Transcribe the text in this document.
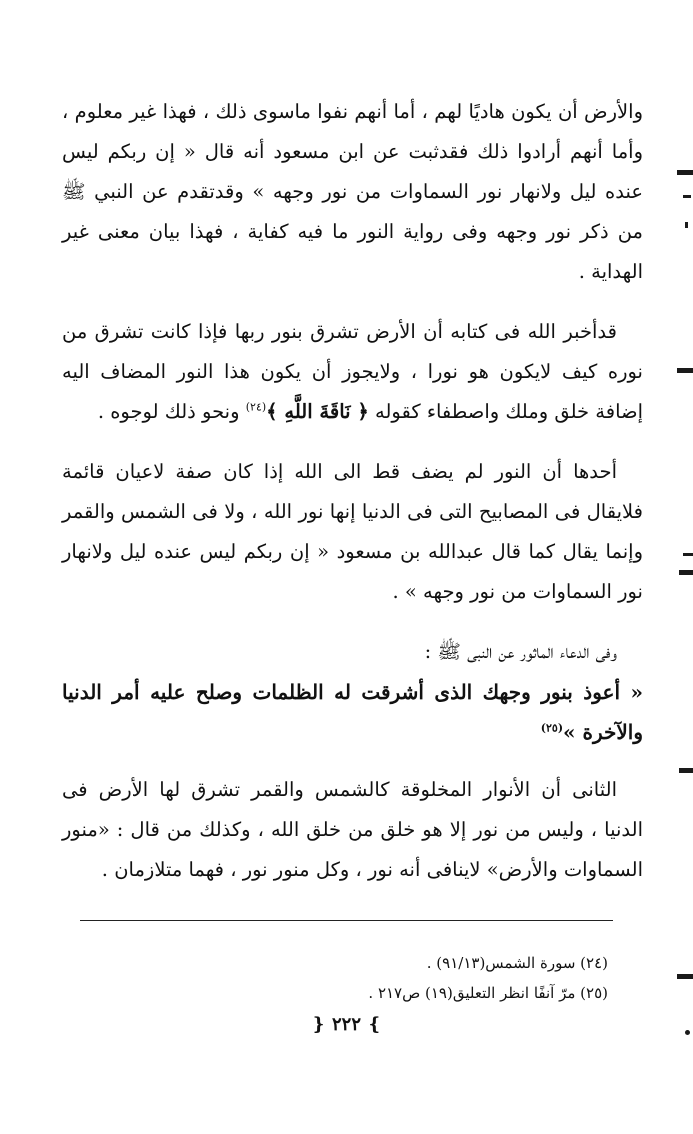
والأرض أن يكون هاديًا لهم ، أما أنهم نفوا ماسوى ذلك ، فهذا غير معلوم ، وأما أنهم أرادوا ذلك فقدثبت عن ابن مسعود أنه قال « إن ربكم ليس عنده ليل ولانهار نور السماوات من نور وجهه » وقدتقدم عن النبي ﷺ من ذكر نور وجهه وفى رواية النور ما فيه كفاية ، فهذا بيان معنى غير الهداية .

قدأخبر الله فى كتابه أن الأرض تشرق بنور ربها فإذا كانت تشرق من نوره كيف لايكون هو نورا ، ولايجوز أن يكون هذا النور المضاف اليه إضافة خلق وملك واصطفاء كقوله ﴿ نَاقَةَ اللَّهِ ﴾$^{(٢٤)}$ ونحو ذلك لوجوه .

أحدها أن النور لم يضف قط الى الله إذا كان صفة لاعيان قائمة فلايقال فى المصابيح التى فى الدنيا إنها نور الله ، ولا فى الشمس والقمر وإنما يقال كما قال عبدالله بن مسعود « إن ربكم ليس عنده ليل ولانهار نور السماوات من نور وجهه » .

وفى الدعاء الماثور عن النبى ﷺ :

« أعوذ بنور وجهك الذى أشرقت له الظلمات وصلح عليه أمر الدنيا والآخرة »$^{(٢٥)}$

الثانى أن الأنوار المخلوقة كالشمس والقمر تشرق لها الأرض فى الدنيا ، وليس من نور إلا هو خلق من خلق الله ، وكذلك من قال : «منور السماوات والأرض» لاينافى أنه نور ، وكل منور نور ، فهما متلازمان .

(٢٤) سورة الشمس(٩١/١٣) .

(٢٥) مرّ آنفًا انظر التعليق(١٩) ص٢١٧ .

❵٢٢٢❴
